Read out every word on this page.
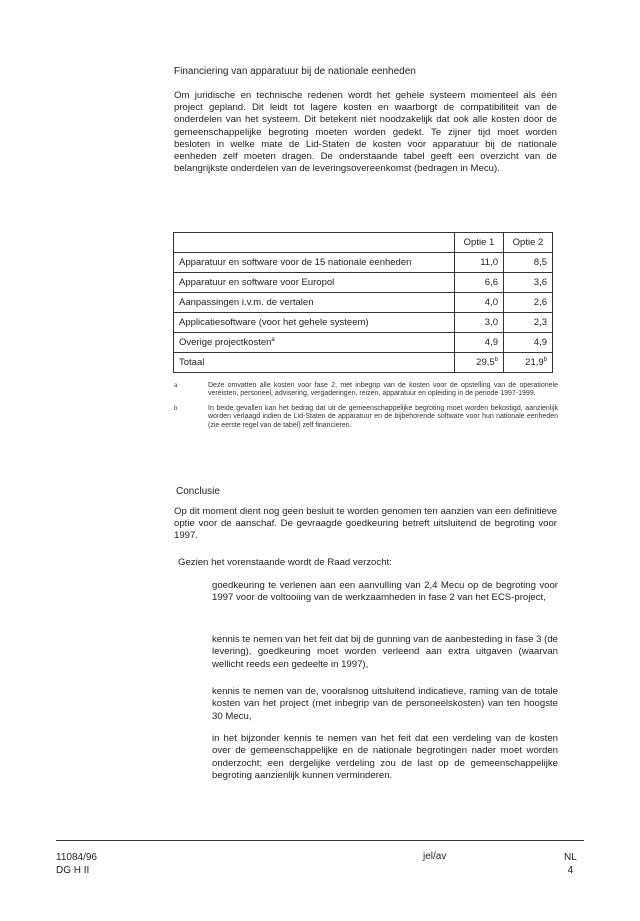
Financiering van apparatuur bij de nationale eenheden
Om juridische en technische redenen wordt het gehele systeem momenteel als één project gepland. Dit leidt tot lagere kosten en waarborgt de compatibiliteit van de onderdelen van het systeem. Dit betekent niet noodzakelijk dat ook alle kosten door de gemeenschappelijke begroting moeten worden gedekt. Te zijner tijd moet worden besloten in welke mate de Lid-Staten de kosten voor apparatuur bij de nationale eenheden zelf moeten dragen. De onderstaande tabel geeft een overzicht van de belangrijkste onderdelen van de leveringsovereenkomst (bedragen in Mecu).
	Optie 1	Optie 2
Apparatuur en software voor de 15 nationale eenheden	11,0	8,5
Apparatuur en software voor Europol	6,6	3,6
Aanpassingen i.v.m. de vertalen	4,0	2,6
Applicatiesoftware (voor het gehele systeem)	3,0	2,3
Overige projectkosten$^a$	4,9	4,9
Totaal	29,5$^b$	21,9$^b$
a	Deze omvatten alle kosten voor fase 2, met inbegrip van de kosten voor de opstelling van de operationele vereisten, personeel, advisering, vergaderingen, reizen, apparatuur en opleiding in de periode 1997-1999.
b	In beide gevallen kan het bedrag dat uit de gemeenschappelijke begroting moet worden bekostigd, aanzienlijk worden verlaagd indien de Lid-Staten de apparatuur en de bijbehorende software voor hun nationale eenheden (zie eerste regel van de tabel) zelf financieren.
Conclusie
Op dit moment dient nog geen besluit te worden genomen ten aanzien van een definitieve optie voor de aanschaf. De gevraagde goedkeuring betreft uitsluitend de begroting voor 1997.
Gezien het vorenstaande wordt de Raad verzocht:
goedkeuring te verlenen aan een aanvulling van 2,4 Mecu op de begroting voor 1997 voor de voltooiing van de werkzaamheden in fase 2 van het ECS-project,
kennis te nemen van het feit dat bij de gunning van de aanbesteding in fase 3 (de levering), goedkeuring moet worden verleend aan extra uitgaven (waarvan wellicht reeds een gedeelte in 1997),
kennis te nemen van de, vooralsnog uitsluitend indicatieve, raming van de totale kosten van het project (met inbegrip van de personeelskosten) van ten hoogste 30 Mecu,
in het bijzonder kennis te nemen van het feit dat een verdeling van de kosten over de gemeenschappelijke en de nationale begrotingen nader moet worden onderzocht; een dergelijke verdeling zou de last op de gemeenschappelijke begroting aanzienlijk kunnen verminderen.
11084/96
DG H II
jel/av	NL
4
